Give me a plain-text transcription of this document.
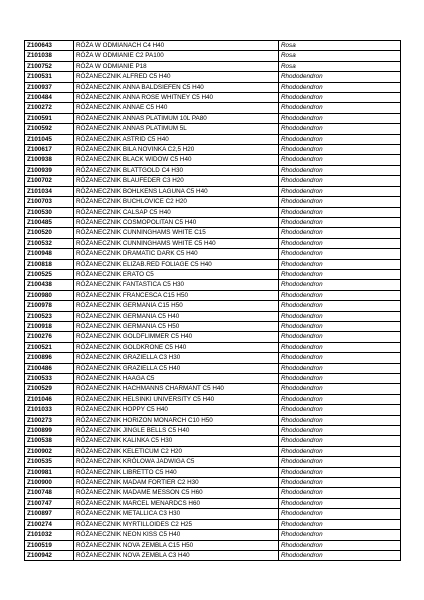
Z100643	RÓŻA W ODMIANACH C4 H40	Rosa
Z101038	RÓŻA W ODMIANIE C2 PA100	Rosa
Z100752	RÓŻA W ODMIANIE P18	Rosa
Z100531	RÓŻANECZNIK ALFRED C5 H40	Rhododendron
Z100937	RÓŻANECZNIK ANNA BALDSIEFEN C5 H40	Rhododendron
Z100484	RÓŻANECZNIK ANNA ROSE WHITNEY C5 H40	Rhododendron
Z100272	RÓŻANECZNIK ANNAE C5 H40	Rhododendron
Z100591	RÓŻANECZNIK ANNAS PLATIMUM 10L PA80	Rhododendron
Z100592	RÓŻANECZNIK ANNAS PLATIMUM 5L	Rhododendron
Z101045	RÓŻANECZNIK ASTRID C5 H40	Rhododendron
Z100617	RÓŻANECZNIK BILA NOVINKA C2,5 H20	Rhododendron
Z100938	RÓŻANECZNIK BLACK WIDOW C5 H40	Rhododendron
Z100939	RÓŻANECZNIK BLATTGOLD C4 H30	Rhododendron
Z100702	RÓŻANECZNIK BLAUFEDER C3 H20	Rhododendron
Z101034	RÓŻANECZNIK BOHLKENS LAGUNA C5 H40	Rhododendron
Z100703	RÓŻANECZNIK BUCHLOVICE C2 H20	Rhododendron
Z100530	RÓŻANECZNIK CALSAP C5 H40	Rhododendron
Z100485	RÓŻANECZNIK COSMOPOLITAN C5 H40	Rhododendron
Z100520	RÓŻANECZNIK CUNNINGHAMS WHITE C15	Rhododendron
Z100532	RÓŻANECZNIK CUNNINGHAMS WHITE C5 H40	Rhododendron
Z100948	RÓŻANECZNIK DRAMATIC DARK C5 H40	Rhododendron
Z100818	RÓŻANECZNIK ELIZAB.RED FOLIAGE C5 H40	Rhododendron
Z100525	RÓŻANECZNIK ERATO C5	Rhododendron
Z100438	RÓŻANECZNIK FANTASTICA C5 H30	Rhododendron
Z100980	RÓŻANECZNIK FRANCESCA C15 H50	Rhododendron
Z100978	RÓŻANECZNIK GERMANIA C15 H50	Rhododendron
Z100523	RÓŻANECZNIK GERMANIA C5 H40	Rhododendron
Z100918	RÓŻANECZNIK GERMANIA C5 H50	Rhododendron
Z100276	RÓŻANECZNIK GOLDFLIMMER C5 H40	Rhododendron
Z100521	RÓŻANECZNIK GOLDKRONE C5 H40	Rhododendron
Z100896	RÓŻANECZNIK GRAZIELLA C3 H30	Rhododendron
Z100486	RÓŻANECZNIK GRAZIELLA C5 H40	Rhododendron
Z100533	RÓŻANECZNIK HAAGA C5	Rhododendron
Z100529	RÓŻANECZNIK HACHMANNS CHARMANT C5 H40	Rhododendron
Z101046	RÓŻANECZNIK HELSINKI UNIVERSITY C5 H40	Rhododendron
Z101033	RÓŻANECZNIK HOPPY C5 H40	Rhododendron
Z100273	RÓŻANECZNIK HORIZON MONARCH C10 H50	Rhododendron
Z100899	RÓŻANECZNIK JINGLE BELLS C5 H40	Rhododendron
Z100538	RÓŻANECZNIK KALINKA C5 H30	Rhododendron
Z100902	RÓŻANECZNIK KELETICUM C2 H20	Rhododendron
Z100535	RÓŻANECZNIK KRÓLOWA JADWIGA C5	Rhododendron
Z100981	RÓŻANECZNIK LIBRETTO C5 H40	Rhododendron
Z100900	RÓŻANECZNIK MADAM FORTIER C2 H30	Rhododendron
Z100748	RÓŻANECZNIK MADAME MESSON C5 H60	Rhododendron
Z100747	RÓŻANECZNIK MARCEL MENARDCS H60	Rhododendron
Z100897	RÓŻANECZNIK METALLICA C3 H30	Rhododendron
Z100274	RÓŻANECZNIK MYRTILLOIDES C2 H25	Rhododendron
Z101032	RÓŻANECZNIK NEON KISS C5 H40	Rhododendron
Z100519	RÓŻANECZNIK NOVA ZEMBLA C15 H50	Rhododendron
Z100942	RÓŻANECZNIK NOVA ZEMBLA C3 H40	Rhododendron
